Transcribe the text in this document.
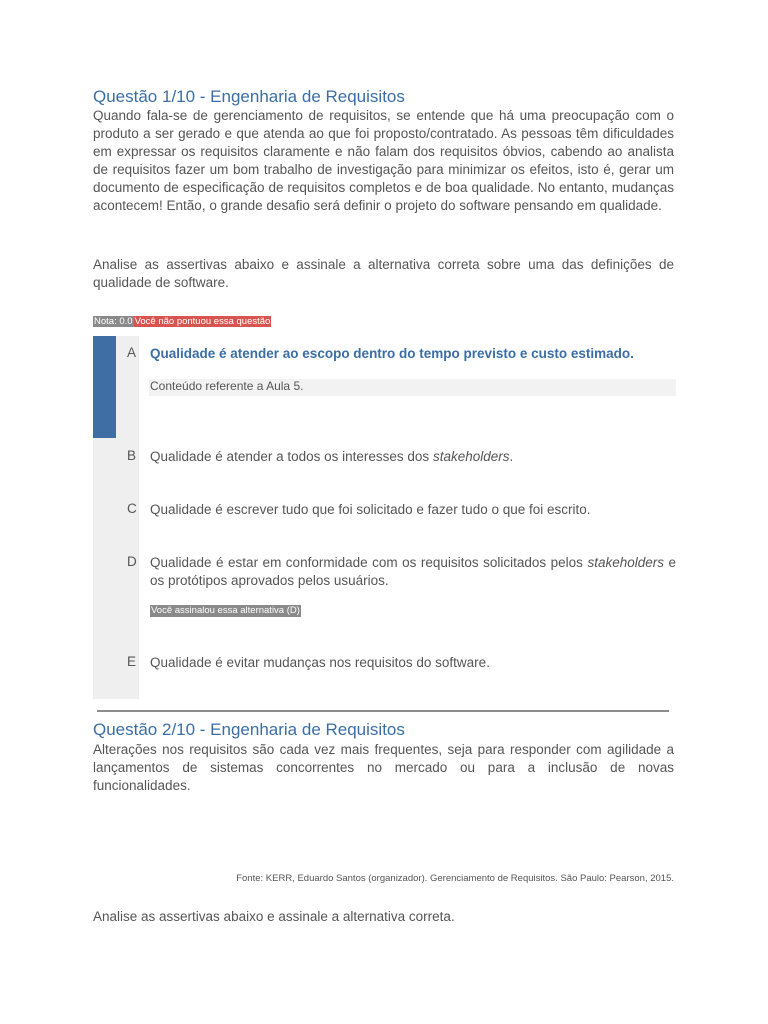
Questão 1/10 - Engenharia de Requisitos
Quando fala-se de gerenciamento de requisitos, se entende que há uma preocupação com o produto a ser gerado e que atenda ao que foi proposto/contratado. As pessoas têm dificuldades em expressar os requisitos claramente e não falam dos requisitos óbvios, cabendo ao analista de requisitos fazer um bom trabalho de investigação para minimizar os efeitos, isto é, gerar um documento de especificação de requisitos completos e de boa qualidade. No entanto, mudanças acontecem! Então, o grande desafio será definir o projeto do software pensando em qualidade.
Analise as assertivas abaixo e assinale a alternativa correta sobre uma das definições de qualidade de software.
Nota: 0.0 Você não pontuou essa questão
A Qualidade é atender ao escopo dentro do tempo previsto e custo estimado.
Conteúdo referente a Aula 5.
B Qualidade é atender a todos os interesses dos stakeholders.
C Qualidade é escrever tudo que foi solicitado e fazer tudo o que foi escrito.
D Qualidade é estar em conformidade com os requisitos solicitados pelos stakeholders e os protótipos aprovados pelos usuários.
Você assinalou essa alternativa (D)
E Qualidade é evitar mudanças nos requisitos do software.
Questão 2/10 - Engenharia de Requisitos
Alterações nos requisitos são cada vez mais frequentes, seja para responder com agilidade a lançamentos de sistemas concorrentes no mercado ou para a inclusão de novas funcionalidades.
Fonte: KERR, Eduardo Santos (organizador). Gerenciamento de Requisitos. São Paulo: Pearson, 2015.
Analise as assertivas abaixo e assinale a alternativa correta.
